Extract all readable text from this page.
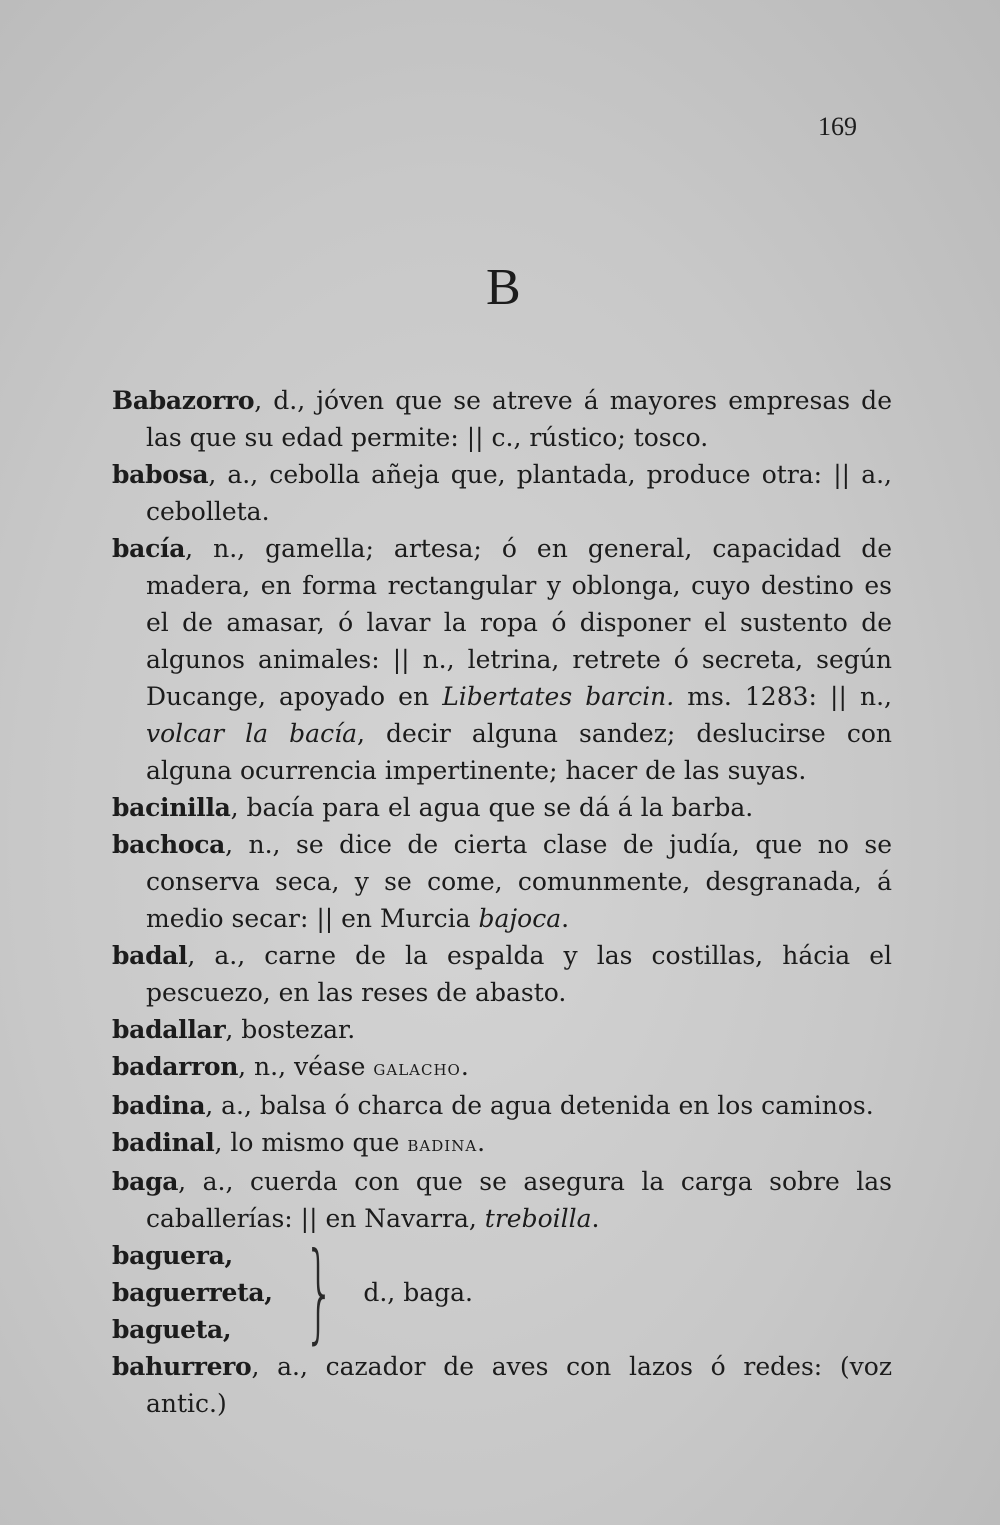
169
B

Babazorro, d., jóven que se atreve á mayores empresas de las que su edad permite: || c., rústico; tosco.

babosa, a., cebolla añeja que, plantada, produce otra: || a., cebolleta.

bacía, n., gamella; artesa; ó en general, capacidad de madera, en forma rectangular y oblonga, cuyo destino es el de amasar, ó lavar la ropa ó disponer el sustento de algunos animales: || n., letrina, retrete ó secreta, según Ducange, apoyado en Libertates barcin. ms. 1283: || n., volcar la bacía, decir alguna sandez; deslucirse con alguna ocurrencia impertinente; hacer de las suyas.

bacinilla, bacía para el agua que se dá á la barba.

bachoca, n., se dice de cierta clase de judía, que no se conserva seca, y se come, comunmente, desgranada, á medio secar: || en Murcia bajoca.

badal, a., carne de la espalda y las costillas, hácia el pescuezo, en las reses de abasto.

badallar, bostezar.

badarron, n., véase galacho.

badina, a., balsa ó charca de agua detenida en los caminos.

badinal, lo mismo que badina.

baga, a., cuerda con que se asegura la carga sobre las caballerías: || en Navarra, treboilla.

baguera,
baguerreta,
bagueta, } d., baga.

bahurrero, a., cazador de aves con lazos ó redes: (voz antic.)
